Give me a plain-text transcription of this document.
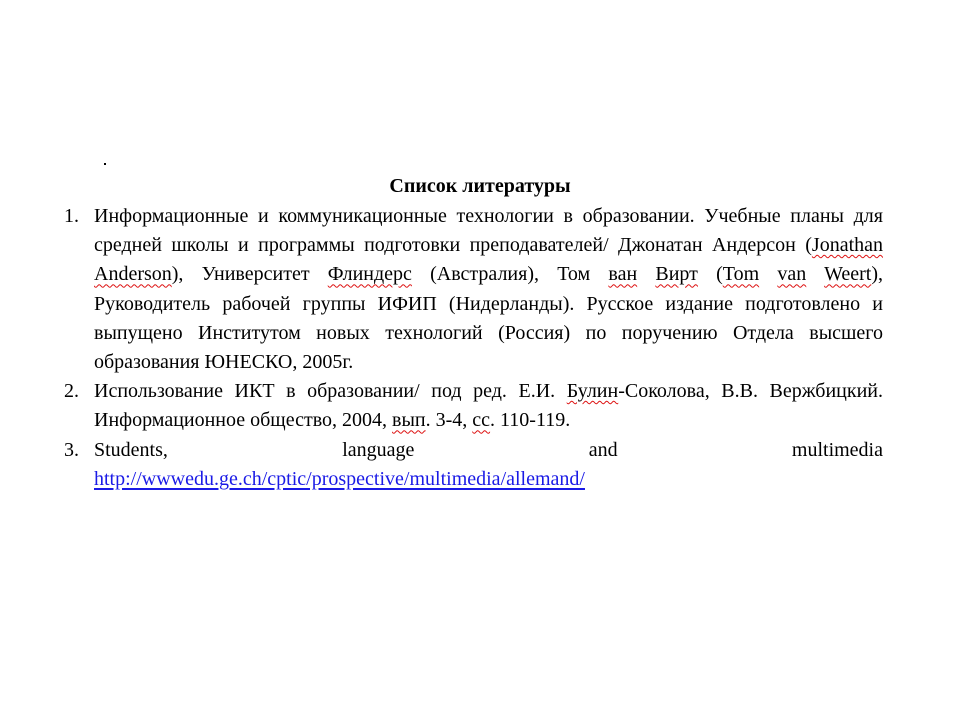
Список литературы
1. Информационные и коммуникационные технологии в образовании. Учебные планы для средней школы и программы подготовки преподавателей/ Джонатан Андерсон (Jonathan Anderson), Университет Флиндерс (Австралия), Том ван Вирт (Tom van Weert), Руководитель рабочей группы ИФИП (Нидерланды). Русское издание подготовлено и выпущено Институтом новых технологий (Россия) по поручению Отдела высшего образования ЮНЕСКО, 2005г.
2. Использование ИКТ в образовании/ под ред. Е.И. Булин-Соколова, В.В. Вержбицкий. Информационное общество, 2004, вып. 3-4, сс. 110-119.
3. Students, language and multimedia
http://wwwedu.ge.ch/cptic/prospective/multimedia/allemand/
